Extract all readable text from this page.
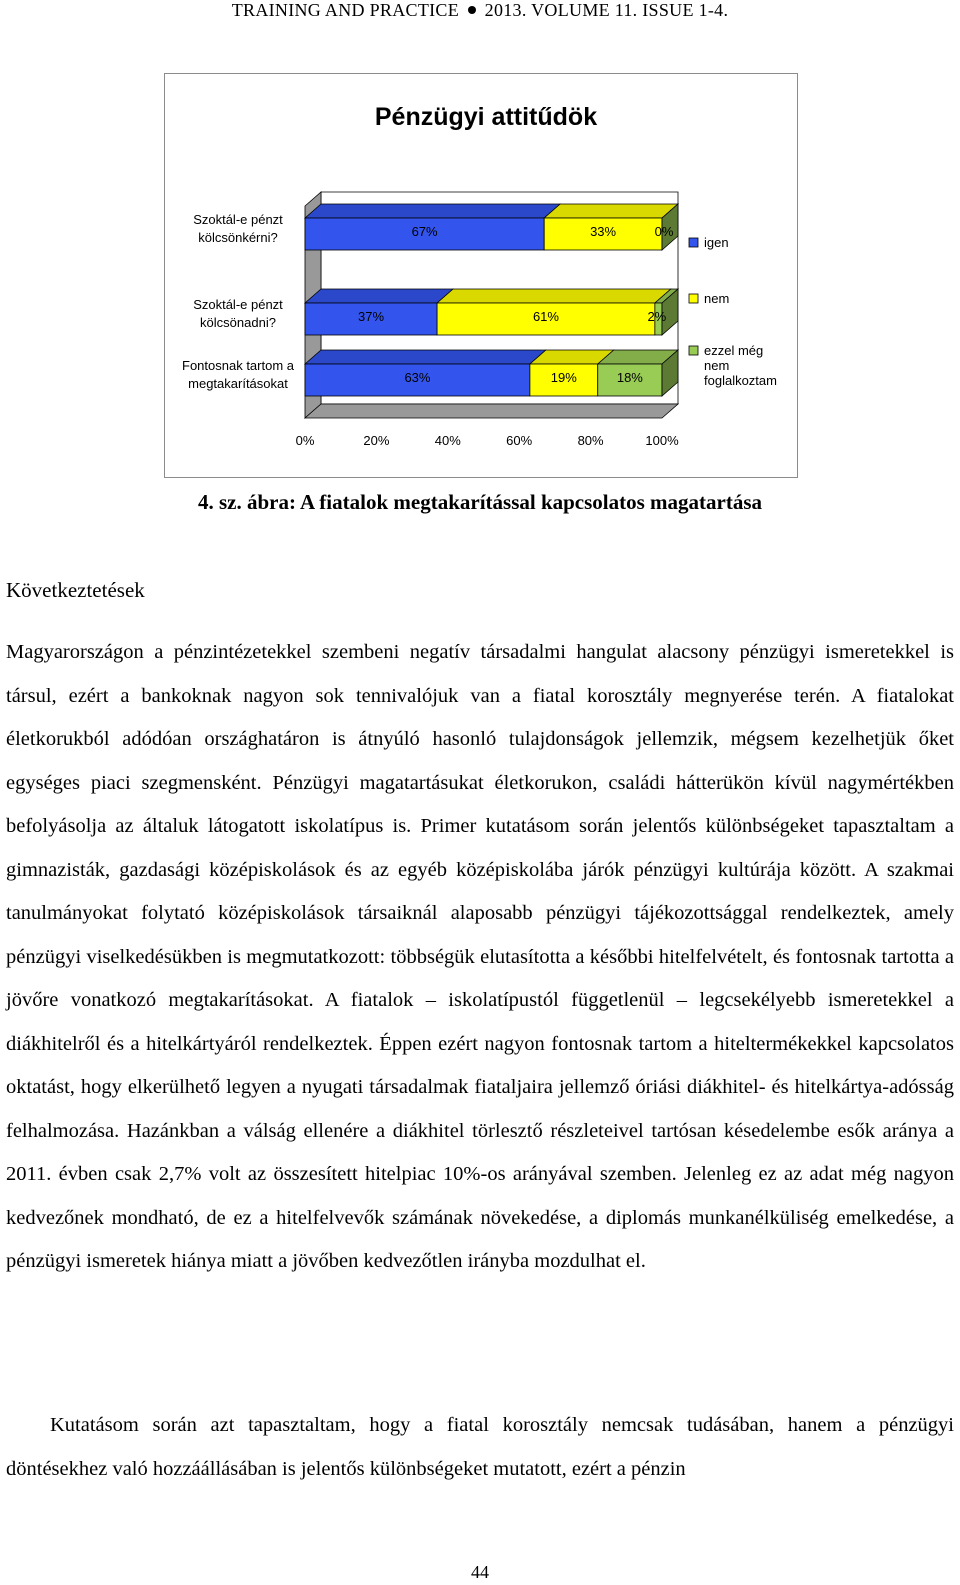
TRAINING AND PRACTICE 2013. VOLUME 11. ISSUE 1-4.
Pénzügyi attitűdök
67%	33%	0%
Szoktál-e pénzt
kölcsönkérni?
37%	61%	2%
Szoktál-e pénzt
kölcsönadni?
63%	19%	18%
Fontosnak tartom a
megtakarításokat
0%	20%	40%	60%	80%	100%
igen
nem
ezzel még
nem
foglalkoztam
4. sz. ábra: A fiatalok megtakarítással kapcsolatos magatartása
Következtetések

Magyarországon a pénzintézetekkel szembeni negatív társadalmi hangulat alacsony pénzügyi ismeretekkel is társul, ezért a bankoknak nagyon sok tennivalójuk van a fiatal korosztály megnyerése terén. A fiatalokat életkorukból adódóan országhatáron is átnyúló hasonló tulajdonságok jellemzik, mégsem kezelhetjük őket egységes piaci szegmensként. Pénzügyi magatartásukat életkorukon, családi hátterükön kívül nagymértékben befolyásolja az általuk látogatott iskolatípus is. Primer kutatásom során jelentős különbségeket tapasztaltam a gimnazisták, gazdasági középiskolások és az egyéb középiskolába járók pénzügyi kultúrája között. A szakmai tanulmányokat folytató középiskolások társaiknál alaposabb pénzügyi tájékozottsággal rendelkeztek, amely pénzügyi viselkedésükben is megmutatkozott: többségük elutasította a későbbi hitelfelvételt, és fontosnak tartotta a jövőre vonatkozó megtakarításokat. A fiatalok – iskolatípustól függetlenül – legcsekélyebb ismeretekkel a diákhitelről és a hitelkártyáról rendelkeztek. Éppen ezért nagyon fontosnak tartom a hiteltermékekkel kapcsolatos oktatást, hogy elkerülhető legyen a nyugati társadalmak fiataljaira jellemző óriási diákhitel- és hitelkártya-adósság felhalmozása. Hazánkban a válság ellenére a diákhitel törlesztő részleteivel tartósan késedelembe esők aránya a 2011. évben csak 2,7% volt az összesített hitelpiac 10%-os arányával szemben. Jelenleg ez az adat még nagyon kedvezőnek mondható, de ez a hitelfelvevők számának növekedése, a diplomás munkanélküliség emelkedése, a pénzügyi ismeretek hiánya miatt a jövőben kedvezőtlen irányba mozdulhat el.

Kutatásom során azt tapasztaltam, hogy a fiatal korosztály nemcsak tudásában, hanem a pénzügyi döntésekhez való hozzáállásában is jelentős különbségeket mutatott, ezért a pénzin

44
